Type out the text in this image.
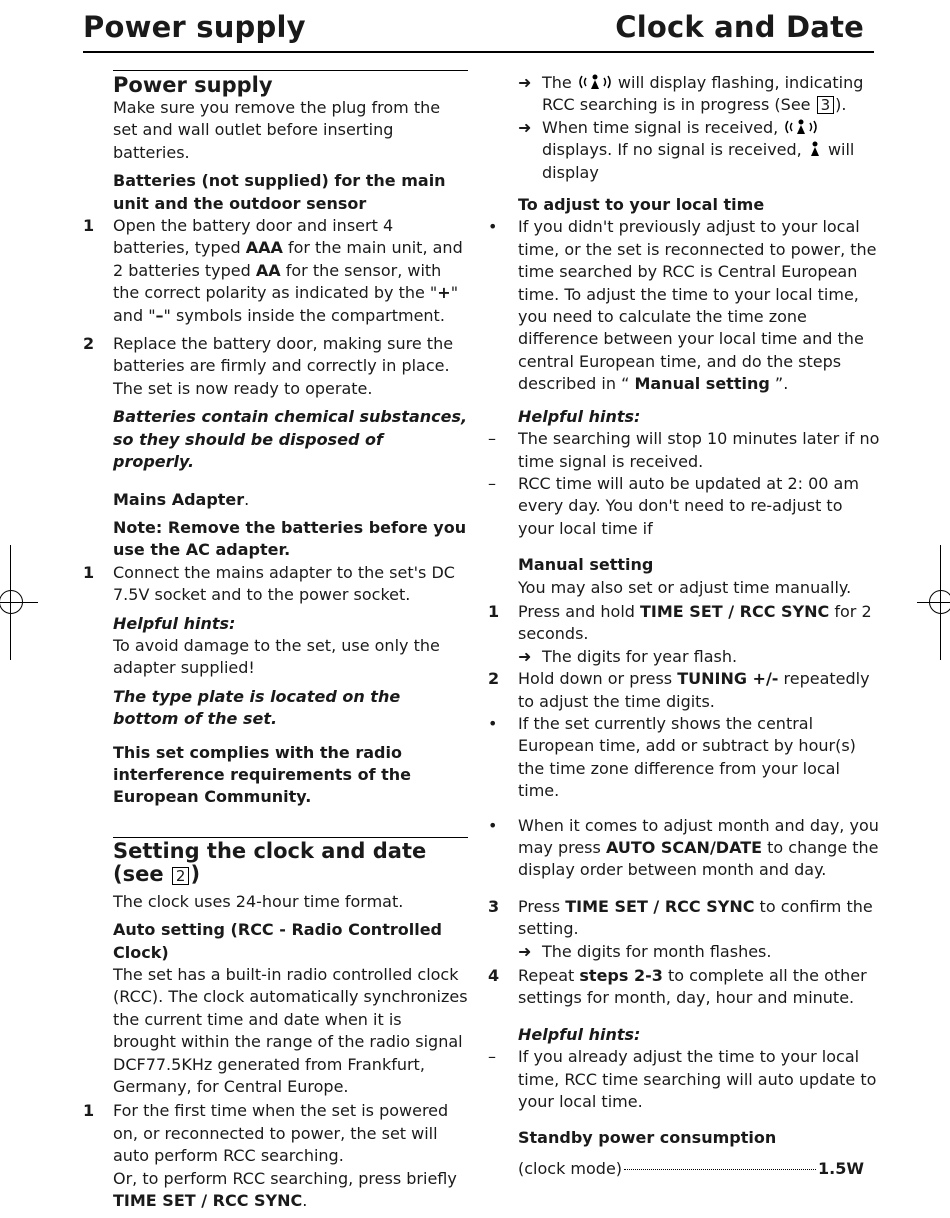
Power supply	Clock and Date
Power supply
Make sure you remove the plug from the set and wall outlet before inserting batteries.
Batteries (not supplied) for the main unit and the outdoor sensor
1 Open the battery door and insert 4 batteries, typed AAA for the main unit, and 2 batteries typed AA for the sensor, with the correct polarity as indicated by the "+" and "–" symbols inside the compartment.
2 Replace the battery door, making sure the batteries are firmly and correctly in place. The set is now ready to operate.
Batteries contain chemical substances, so they should be disposed of properly.
Mains Adapter.
Note: Remove the batteries before you
use the AC adapter.
1 Connect the mains adapter to the set's DC 7.5V socket and to the power socket.
Helpful hints:
To avoid damage to the set, use only the adapter supplied!
The type plate is located on the bottom of the set.
This set complies with the radio interference requirements of the European Community.
Setting the clock and date
(see 2 )
The clock uses 24-hour time format.
Auto setting (RCC - Radio Controlled Clock)
The set has a built-in radio controlled clock (RCC). The clock automatically synchronizes the current time and date when it is brought within the range of the radio signal DCF77.5KHz generated from Frankfurt, Germany, for Central Europe.
1 For the first time when the set is powered on, or reconnected to power, the set will auto perform RCC searching.
Or, to perform RCC searching, press briefly
TIME SET / RCC SYNC.
➜ The  will display flashing, indicating RCC searching is in progress (See 3 ).
➜ When time signal is received,  displays. If no signal is received,  will display
To adjust to your local time
• If you didn't previously adjust to your local time, or the set is reconnected to power, the time searched by RCC is Central European time. To adjust the time to your local time, you need to calculate the time zone difference between your local time and the central European time, and do the steps described in “ Manual setting ”.
Helpful hints:
– The searching will stop 10 minutes later if no time signal is received.
– RCC time will auto be updated at 2: 00 am every day. You don't need to re-adjust to your local time if
Manual setting
You may also set or adjust time manually.
1 Press and hold TIME SET / RCC SYNC for 2 seconds.
➜ The digits for year flash.
2 Hold down or press TUNING +/- repeatedly to adjust the time digits.
• If the set currently shows the central European time, add or subtract by hour(s) the time zone difference from your local time.
• When it comes to adjust month and day, you may press AUTO SCAN/DATE to change the display order between month and day.
3 Press TIME SET / RCC SYNC to confirm the setting.
➜ The digits for month flashes.
4 Repeat steps 2-3 to complete all the other settings for month, day, hour and minute.
Helpful hints:
– If you already adjust the time to your local time, RCC time searching will auto update to your local time.
Standby power consumption
(clock mode)	1.5W
